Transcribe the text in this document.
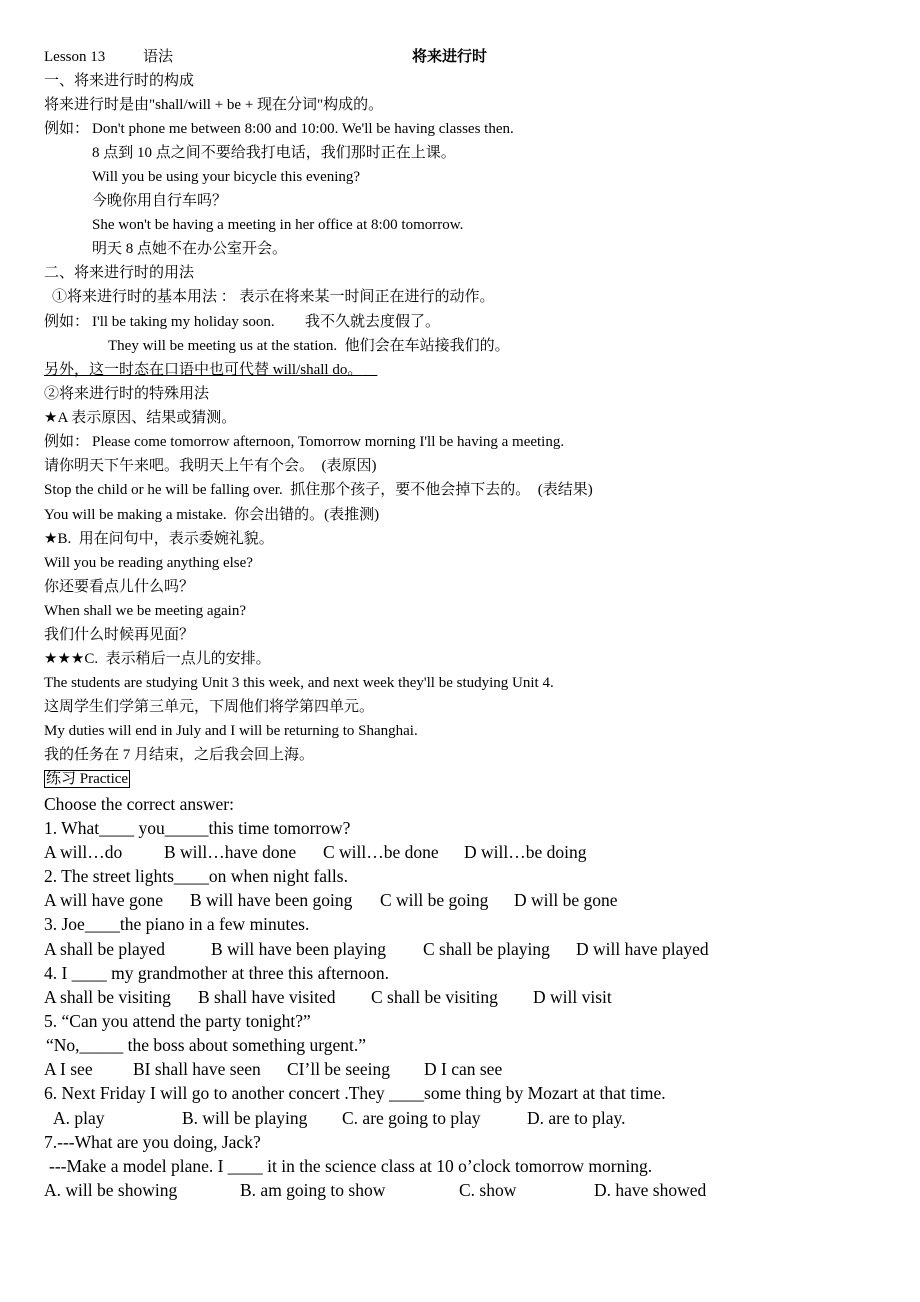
Lesson 13	语法	将来进行时
一、将来进行时的构成
将来进行时是由"shall/will + be + 现在分词"构成的。
例如： Don't phone me between 8:00 and 10:00. We'll be having classes then.
8 点到 10 点之间不要给我打电话，我们那时正在上课。
Will you be using your bicycle this evening?
今晚你用自行车吗？
She won't be having a meeting in her office at 8:00 tomorrow.
明天 8 点她不在办公室开会。
二、将来进行时的用法
①将来进行时的基本用法 ： 表示在将来某一时间正在进行的动作。
例如： I'll be taking my holiday soon. 我不久就去度假了。
They will be meeting us at the station.  他们会在车站接我们的。
另外，这一时态在口语中也可代替 will/shall do。
②将来进行时的特殊用法
★A 表示原因、结果或猜测。
例如： Please come tomorrow afternoon, Tomorrow morning I'll be having a meeting.
请你明天下午来吧。我明天上午有个会。  (表原因)
Stop the child or he will be falling over.  抓住那个孩子，要不他会掉下去的。  (表结果)
You will be making a mistake.  你会出错的。(表推测)
★B.  用在问句中，表示委婉礼貌。
Will you be reading anything else?
你还要看点儿什么吗？
When shall we be meeting again?
我们什么时候再见面？
★★★C.  表示稍后一点儿的安排。
The students are studying Unit 3 this week, and next week they'll be studying Unit 4.
这周学生们学第三单元，下周他们将学第四单元。
My duties will end in July and I will be returning to Shanghai.
我的任务在 7 月结束，之后我会回上海。
练习 Practice
Choose the correct answer:
1. What____ you_____this time tomorrow?
A will…do B will…have done C will…be done D will…be doing
2. The street lights____on when night falls.
A will have gone B will have been going C will be going D will be gone
3. Joe____the piano in a few minutes.
A shall be played	B will have been playing C shall be playing D will have played
4. I ____ my grandmother at three this afternoon.
A shall be visiting B shall have visited C shall be visiting D will visit
5. “Can you attend the party tonight?”
“No,_____ the boss about something urgent.”
A I see BI shall have seen CI’ll be seeing D I can see
6. Next Friday I will go to another concert .They ____some thing by Mozart at that time.
A. play	B. will be playing C. are going to play	D. are to play.
7.---What are you doing, Jack?
---Make a model plane. I ____ it in the science class at 10 o’clock tomorrow morning.
A. will be showing	B. am going to show	C. show	D. have showed
